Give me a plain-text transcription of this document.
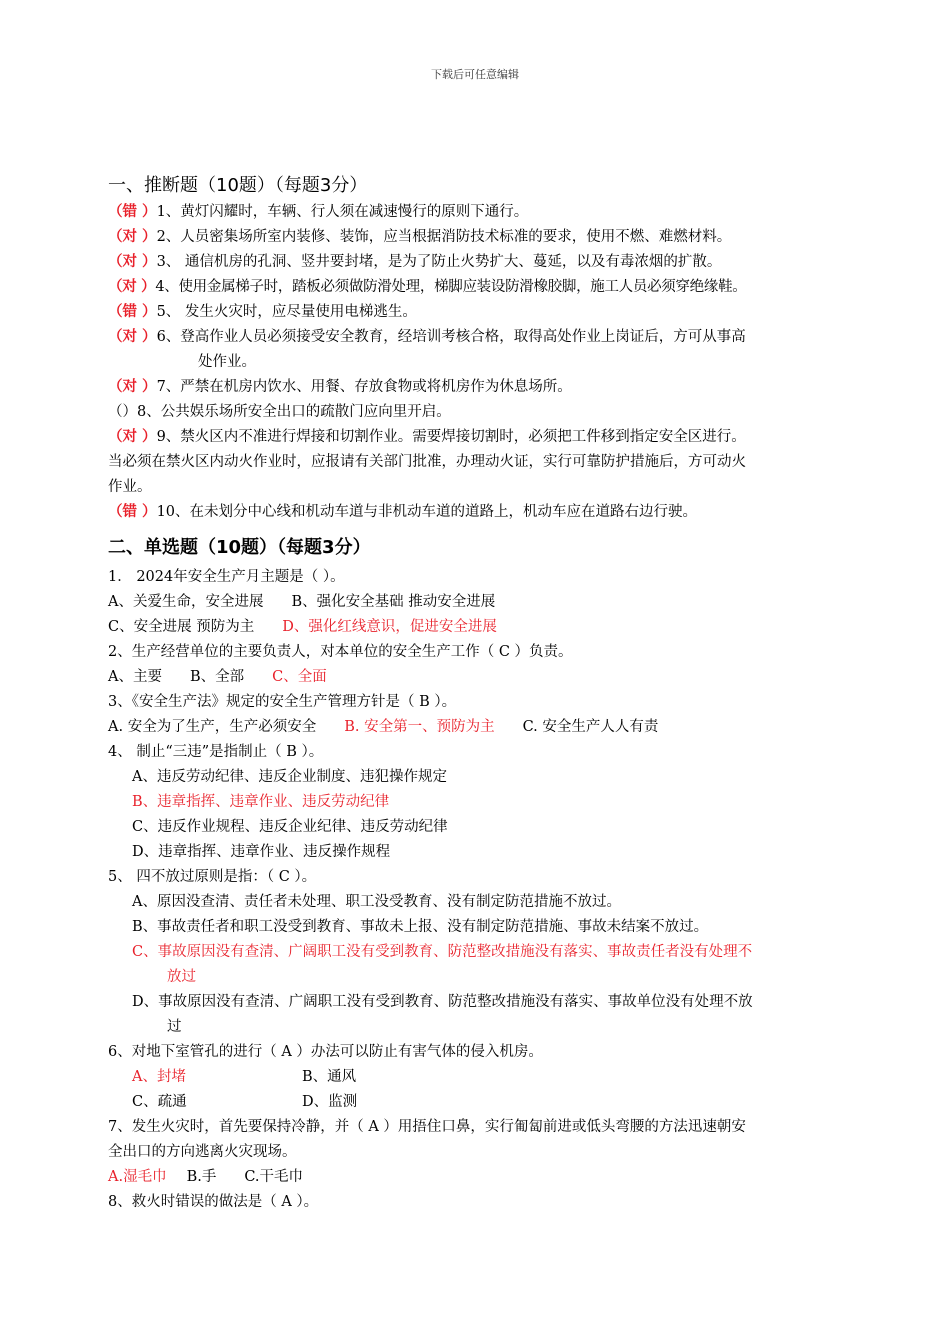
下载后可任意编辑
一、推断题（10题）（每题3分）
（错 ）1、黄灯闪耀时，车辆、行人须在减速慢行的原则下通行。
（对 ）2、人员密集场所室内装修、装饰，应当根据消防技术标准的要求，使用不燃、难燃材料。
（对 ）3、 通信机房的孔洞、竖井要封堵，是为了防止火势扩大、蔓延，以及有毒浓烟的扩散。
（对 ）4、使用金属梯子时，踏板必须做防滑处理，梯脚应装设防滑橡胶脚，施工人员必须穿绝缘鞋。
（错 ）5、 发生火灾时，应尽量使用电梯逃生。
（对 ）6、登高作业人员必须接受安全教育，经培训考核合格，取得高处作业上岗证后，方可从事高
处作业。
（对 ）7、严禁在机房内饮水、用餐、存放食物或将机房作为休息场所。
（）8、公共娱乐场所安全出口的疏散门应向里开启。
（对 ）9、禁火区内不准进行焊接和切割作业。需要焊接切割时，必须把工件移到指定安全区进行。
当必须在禁火区内动火作业时，应报请有关部门批准，办理动火证，实行可靠防护措施后，方可动火
作业。
（错 ）10、在未划分中心线和机动车道与非机动车道的道路上，机动车应在道路右边行驶。
二、单选题（10题）（每题3分）
1． 2024年安全生产月主题是（ ）。
A、关爱生命，安全进展 B、强化安全基础 推动安全进展
C、安全进展 预防为主 D、强化红线意识，促进安全进展
2、生产经营单位的主要负责人，对本单位的安全生产工作（ C ）负责。
A、主要 B、全部 C、全面
3、《安全生产法》规定的安全生产管理方针是（ B ）。
A. 安全为了生产，生产必须安全 B. 安全第一、预防为主 C. 安全生产人人有责
4、 制止“三违”是指制止（ B ）。
A、违反劳动纪律、违反企业制度、违犯操作规定
B、违章指挥、违章作业、违反劳动纪律
C、违反作业规程、违反企业纪律、违反劳动纪律
D、违章指挥、违章作业、违反操作规程
5、 四不放过原则是指：（ C ）。
A、原因没查清、责任者未处理、职工没受教育、没有制定防范措施不放过。
B、事故责任者和职工没受到教育、事故未上报、没有制定防范措施、事故未结案不放过。
C、事故原因没有查清、广阔职工没有受到教育、防范整改措施没有落实、事故责任者没有处理不
放过
D、事故原因没有查清、广阔职工没有受到教育、防范整改措施没有落实、事故单位没有处理不放
过
6、对地下室管孔的进行（ A ）办法可以防止有害气体的侵入机房。
A、封堵	B、通风
C、疏通	D、监测
7、发生火灾时，首先要保持冷静，并（ A ）用捂住口鼻，实行匍匐前进或低头弯腰的方法迅速朝安
全出口的方向逃离火灾现场。
A.湿毛巾 B.手 C.干毛巾
8、救火时错误的做法是（ A ）。
